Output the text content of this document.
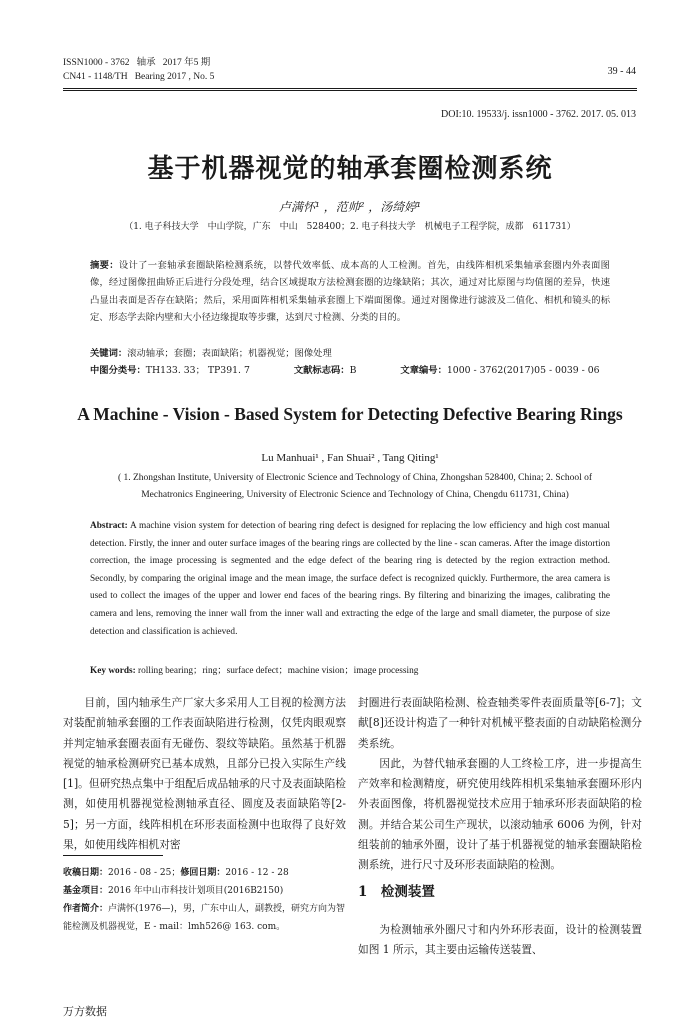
ISSN1000 - 3762 轴承 2017 年5 期
CN41 - 1148/TH Bearing 2017 , No. 5	39 - 44
DOI:10. 19533/j. issn1000 - 3762. 2017. 05. 013
基于机器视觉的轴承套圈检测系统
卢满怀¹ ，范帅² ，汤绮婷¹
（1. 电子科技大学　中山学院，广东　中山　528400；2. 电子科技大学　机械电子工程学院，成都　611731）
摘要：设计了一套轴承套圈缺陷检测系统，以替代效率低、成本高的人工检测。首先，由线阵相机采集轴承套圈内外表面图像，经过图像扭曲矫正后进行分段处理，结合区域提取方法检测套圈的边缘缺陷；其次，通过对比原图与均值图的差异，快速凸显出表面是否存在缺陷；然后，采用面阵相机采集轴承套圈上下端面图像。通过对图像进行滤波及二值化、相机和镜头的标定、形态学去除内壁和大小径边缘提取等步骤，达到尺寸检测、分类的目的。
关键词：滚动轴承；套圈；表面缺陷；机器视觉；图像处理
中图分类号：TH133. 33； TP391. 7	文献标志码：B	文章编号：1000 - 3762(2017)05 - 0039 - 06
A Machine - Vision - Based System for Detecting Defective Bearing Rings
Lu Manhuai¹ , Fan Shuai² , Tang Qiting¹
( 1. Zhongshan Institute, University of Electronic Science and Technology of China, Zhongshan 528400, China; 2. School of Mechatronics Engineering, University of Electronic Science and Technology of China, Chengdu 611731, China)
Abstract: A machine vision system for detection of bearing ring defect is designed for replacing the low efficiency and high cost manual detection. Firstly, the inner and outer surface images of the bearing rings are collected by the line - scan cameras. After the image distortion correction, the image processing is segmented and the edge defect of the bearing ring is detected by the region extraction method. Secondly, by comparing the original image and the mean image, the surface defect is recognized quickly. Furthermore, the area camera is used to collect the images of the upper and lower end faces of the bearing rings. By filtering and binarizing the images, calibrating the camera and lens, removing the inner wall from the inner wall and extracting the edge of the large and small diameter, the purpose of size detection and classification is achieved.
Key words: rolling bearing；ring；surface defect；machine vision；image processing
目前，国内轴承生产厂家大多采用人工目视的检测方法对装配前轴承套圈的工作表面缺陷进行检测，仅凭肉眼观察并判定轴承套圈表面有无碰伤、裂纹等缺陷。虽然基于机器视觉的轴承检测研究已基本成熟，且部分已投入实际生产线[1]。但研究热点集中于组配后成品轴承的尺寸及表面缺陷检测，如使用机器视觉检测轴承直径、圆度及表面缺陷等[2-5]；另一方面，线阵相机在环形表面检测中也取得了良好效果，如使用线阵相机对密
收稿日期：2016 - 08 - 25；修回日期：2016 - 12 - 28
基金项目：2016 年中山市科技计划项目(2016B2150)
作者简介：卢满怀(1976—)，男，广东中山人，副教授，研究方向为智能检测及机器视觉，E - mail：lmh526@ 163. com。
封圈进行表面缺陷检测、检查轴类零件表面质量等[6-7]；文献[8]还设计构造了一种针对机械平整表面的自动缺陷检测分类系统。
因此，为替代轴承套圈的人工终检工序，进一步提高生产效率和检测精度，研究使用线阵相机采集轴承套圈环形内外表面图像，将机器视觉技术应用于轴承环形表面缺陷的检测。并结合某公司生产现状，以滚动轴承 6006 为例，针对组装前的轴承外圈，设计了基于机器视觉的轴承套圈缺陷检测系统，进行尺寸及环形表面缺陷的检测。
1　检测装置
为检测轴承外圈尺寸和内外环形表面，设计的检测装置如图 1 所示，其主要由运输传送装置、
万方数据
